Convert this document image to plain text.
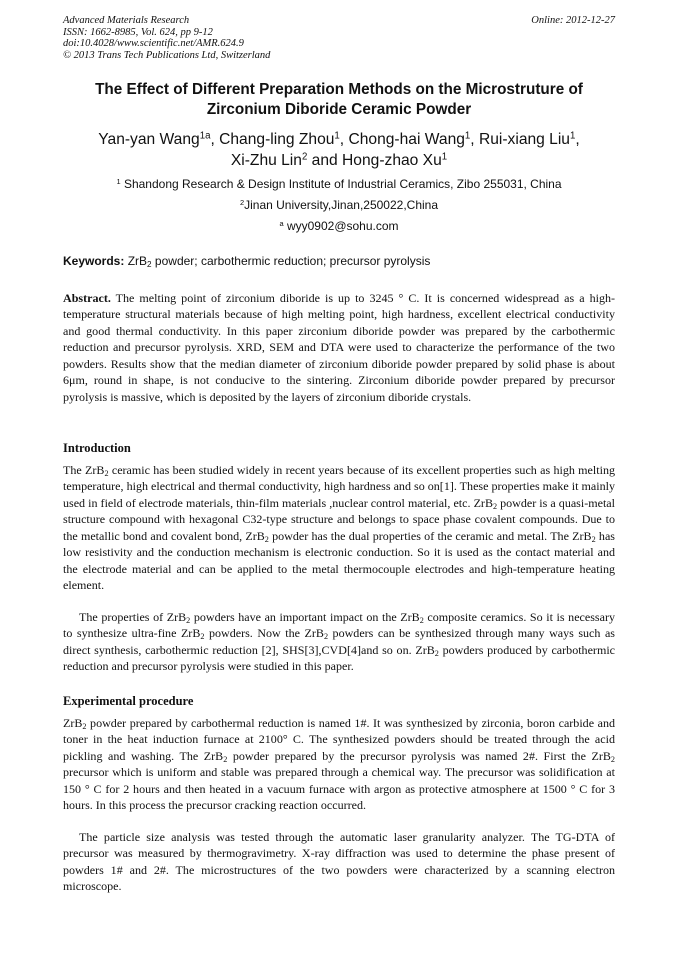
Advanced Materials Research
ISSN: 1662-8985, Vol. 624, pp 9-12
doi:10.4028/www.scientific.net/AMR.624.9
© 2013 Trans Tech Publications Ltd, Switzerland
Online: 2012-12-27
The Effect of Different Preparation Methods on the Microstruture of
Zirconium Diboride Ceramic Powder
Yan-yan Wang$^{1a}$, Chang-ling Zhou$^1$, Chong-hai Wang$^1$, Rui-xiang Liu$^1$,
Xi-Zhu Lin$^2$ and Hong-zhao Xu$^1$
$^1$ Shandong Research & Design Institute of Industrial Ceramics, Zibo 255031, China
$^2$Jinan University,Jinan,250022,China
$^a$ wyy0902@sohu.com
Keywords: ZrB$_2$ powder; carbothermic reduction; precursor pyrolysis
Abstract. The melting point of zirconium diboride is up to 3245 ° C. It is concerned widespread as a high-temperature structural materials because of high melting point, high hardness, excellent electrical conductivity and good thermal conductivity. In this paper zirconium diboride powder was prepared by the carbothermic reduction and precursor pyrolysis. XRD, SEM and DTA were used to characterize the performance of the two powders. Results show that the median diameter of zirconium diboride powder prepared by solid phase is about 6μm, round in shape, is not conducive to the sintering. Zirconium diboride powder prepared by precursor pyrolysis is massive, which is deposited by the layers of zirconium diboride crystals.
Introduction
The ZrB$_2$ ceramic has been studied widely in recent years because of its excellent properties such as high melting temperature, high electrical and thermal conductivity, high hardness and so on[1]. These properties make it mainly used in field of electrode materials, thin-film materials ,nuclear control material, etc. ZrB$_2$ powder is a quasi-metal structure compound with hexagonal C32-type structure and belongs to space phase covalent compounds. Due to the metallic bond and covalent bond, ZrB$_2$ powder has the dual properties of the ceramic and metal. The ZrB$_2$ has low resistivity and the conduction mechanism is electronic conduction. So it is used as the contact material and the electrode material and can be applied to the metal thermocouple electrodes and high-temperature heating element.
The properties of ZrB$_2$ powders have an important impact on the ZrB$_2$ composite ceramics. So it is necessary to synthesize ultra-fine ZrB$_2$ powders. Now the ZrB$_2$ powders can be synthesized through many ways such as direct synthesis, carbothermic reduction [2], SHS[3],CVD[4]and so on. ZrB$_2$ powders produced by carbothermic reduction and precursor pyrolysis were studied in this paper.
Experimental procedure
ZrB$_2$ powder prepared by carbothermal reduction is named 1#. It was synthesized by zirconia, boron carbide and toner in the heat induction furnace at 2100° C. The synthesized powders should be treated through the acid pickling and washing. The ZrB$_2$ powder prepared by the precursor pyrolysis was named 2#. First the ZrB$_2$ precursor which is uniform and stable was prepared through a chemical way. The precursor was solidification at 150 ° C for 2 hours and then heated in a vacuum furnace with argon as protective atmosphere at 1500 ° C for 3 hours. In this process the precursor cracking reaction occurred.
The particle size analysis was tested through the automatic laser granularity analyzer. The TG-DTA of precursor was measured by thermogravimetry. X-ray diffraction was used to determine the phase present of powders 1# and 2#. The microstructures of the two powders were characterized by a scanning electron microscope.
